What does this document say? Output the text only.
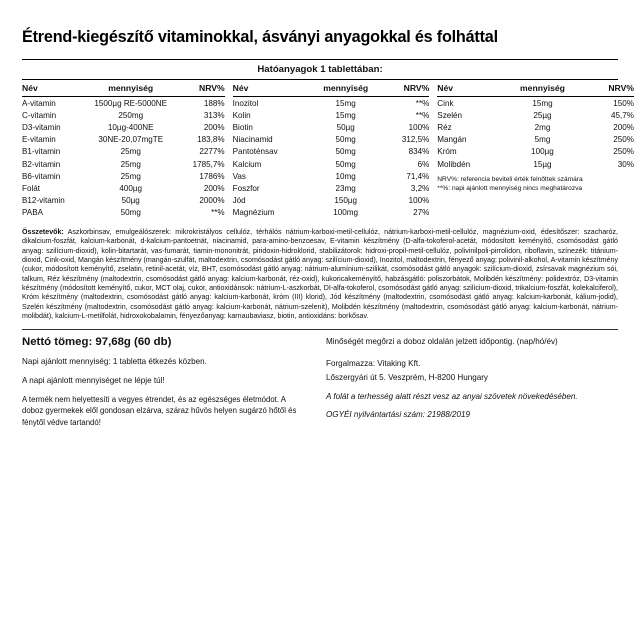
Étrend-kiegészítő vitaminokkal, ásványi anyagokkal és folháttal
Hatóanyagok 1 tablettában:
Név	mennyiség	NRV%
A-vitamin	1500µg RE-5000NE	188%
C-vitamin	250mg	313%
D3-vitamin	10µg-400NE	200%
E-vitamin	30NE-20,07mgTE	183,8%
B1-vitamin	25mg	2277%
B2-vitamin	25mg	1785,7%
B6-vitamin	25mg	1786%
Folát	400µg	200%
B12-vitamin	50µg	2000%
PABA	50mg	**%
Név	mennyiség	NRV%
Inozitol	15mg	**%
Kolin	15mg	**%
Biotin	50µg	100%
Niacinamid	50mg	312,5%
Pantoténsav	50mg	834%
Kalcium	50mg	6%
Vas	10mg	71,4%
Foszfor	23mg	3,2%
Jód	150µg	100%
Magnézium	100mg	27%
Név	mennyiség	NRV%
Cink	15mg	150%
Szelén	25µg	45,7%
Réz	2mg	200%
Mangán	5mg	250%
Króm	100µg	250%
Molibdén	15µg	30%
NRV%: referencia beviteli érték felnőttek számára
**%: napi ajánlott mennyiség nincs meghatározva
Összetevők: Aszkorbinsav, emulgeálószerek: mikrokristályos cellulóz, térhálós nátrium-karboxi-metil-cellulóz, nátrium-karboxi-metil-cellulóz, magnézium-oxid, édesítőszer: szacharóz, dikalcium-foszfát, kalcium-karbonát, d-kalcium-pantoetnát, niacinamid, para-amino-benzoesav, E-vitamin készítmény (D-alfa-tokoferol-acetát, módosított keményítő, csomósodást gátló anyag: szilícium-dioxid), kolin-bitartarát, vas-fumarát, tiamin-mononitrát, piridoxin-hidroklorid, stabilizátorok: hidroxi-propil-metil-cellulóz, polivinilpoli-pirrolidon, riboflavin, színezék: titánium-dioxid, Cink-oxid, Mangán készítmény (mangán-szulfát, maltodextrin, csomósodást gátló anyag: szilícium-dioxid), Inozitol, maltodextrin, fényező anyag: polivinil-alkohol, A-vitamin készítmény (cukor, módosított keményítő, zselatin, retinil-acetát, víz, BHT, csomósodást gátló anyag: nátrium-alumínium-szilikát, csomósodást gátló anyagok: szilícium-dioxid, zsírsavak magnézium sói, talkum, Réz készítmény (maltodextrin, csomósodást gátló anyag: kalcium-karbonát, réz-oxid), kukoricakeményítő, habzásgátló: poliszorbátok, Molibdén készítmény: polidextróz, D3-vitamin készítmény (módosított keményítő, cukor, MCT olaj, cukor, antioxidánsok: nátrium-L-aszkorbát, DI-alfa-tokoferol, csomósodást gátló anyag: szilícium-dioxid, trikalcium-foszfát, kolekalciferol), Króm készítmény (maltodextrin, csomósodást gátló anyag: kalcium-karbonát, króm (III) klorid), Jód készítmény (maltodextrin, csomósodást gátló anyag: kalcium-karbonát, kálium-jodid), Szelén készítmény (maltodextrin, csomósodást gátló anyag: kalcium-karbonát, nátrium-szelenit), Molibdén készítmény (maltodextrin, csomósodást gátló anyag: kalcium-karbonát, nátrium-molibdát), kalcium-L-metilfolát, hidroxokobalamin, fényezőanyag: karnaubaviasz, biotin, antioxidáns: borkősav.
Nettó tömeg: 97,68g (60 db)
Napi ajánlott mennyiség: 1 tabletta étkezés közben.
A napi ajánlott mennyiséget ne lépje túl!
A termék nem helyettesíti a vegyes étrendet, és az egészséges életmódot. A doboz gyermekek elől gondosan elzárva, száraz hűvös helyen sugárzó hőtől és fénytől védve tartandó!
Minőségét megőrzi a doboz oldalán jelzett időpontig. (nap/hó/év)
Forgalmazza: Vitaking Kft.
Lőszergyári út 5. Veszprém, H-8200 Hungary
A folát a terhesség alatt részt vesz az anyai szövetek növekedésében.
OGYÉI nyilvántartási szám: 21988/2019
